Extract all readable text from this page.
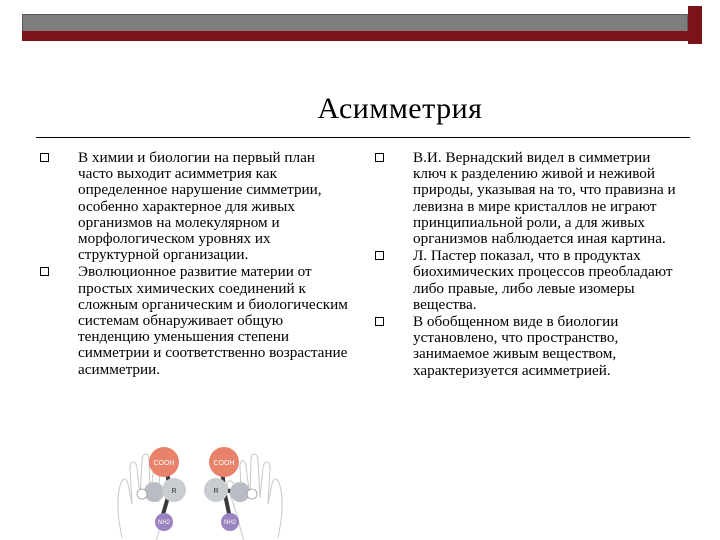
Асимметрия
В химии и биологии на первый план часто выходит асимметрия как определенное нарушение симметрии, особенно характерное для живых организмов на молекулярном и морфологическом уровнях их структурной организации.
Эволюционное развитие материи от простых химических соединений к сложным органическим и биологическим системам обнаруживает общую тенденцию уменьшения степени симметрии и соответственно возрастание асимметрии.
В.И. Вернадский видел в симметрии ключ к разделению живой и неживой природы, указывая на то, что правизна и левизна в мире кристаллов не играют принципиальной роли, а для живых организмов наблюдается иная картина.
Л. Пастер показал, что в продуктах биохимических процессов преобладают либо правые, либо левые изомеры вещества.
В обобщенном виде в биологии установлено, что пространство, занимаемое живым веществом, характеризуется асимметрией.
COOH
R
NH2
COOH
R
NH2
